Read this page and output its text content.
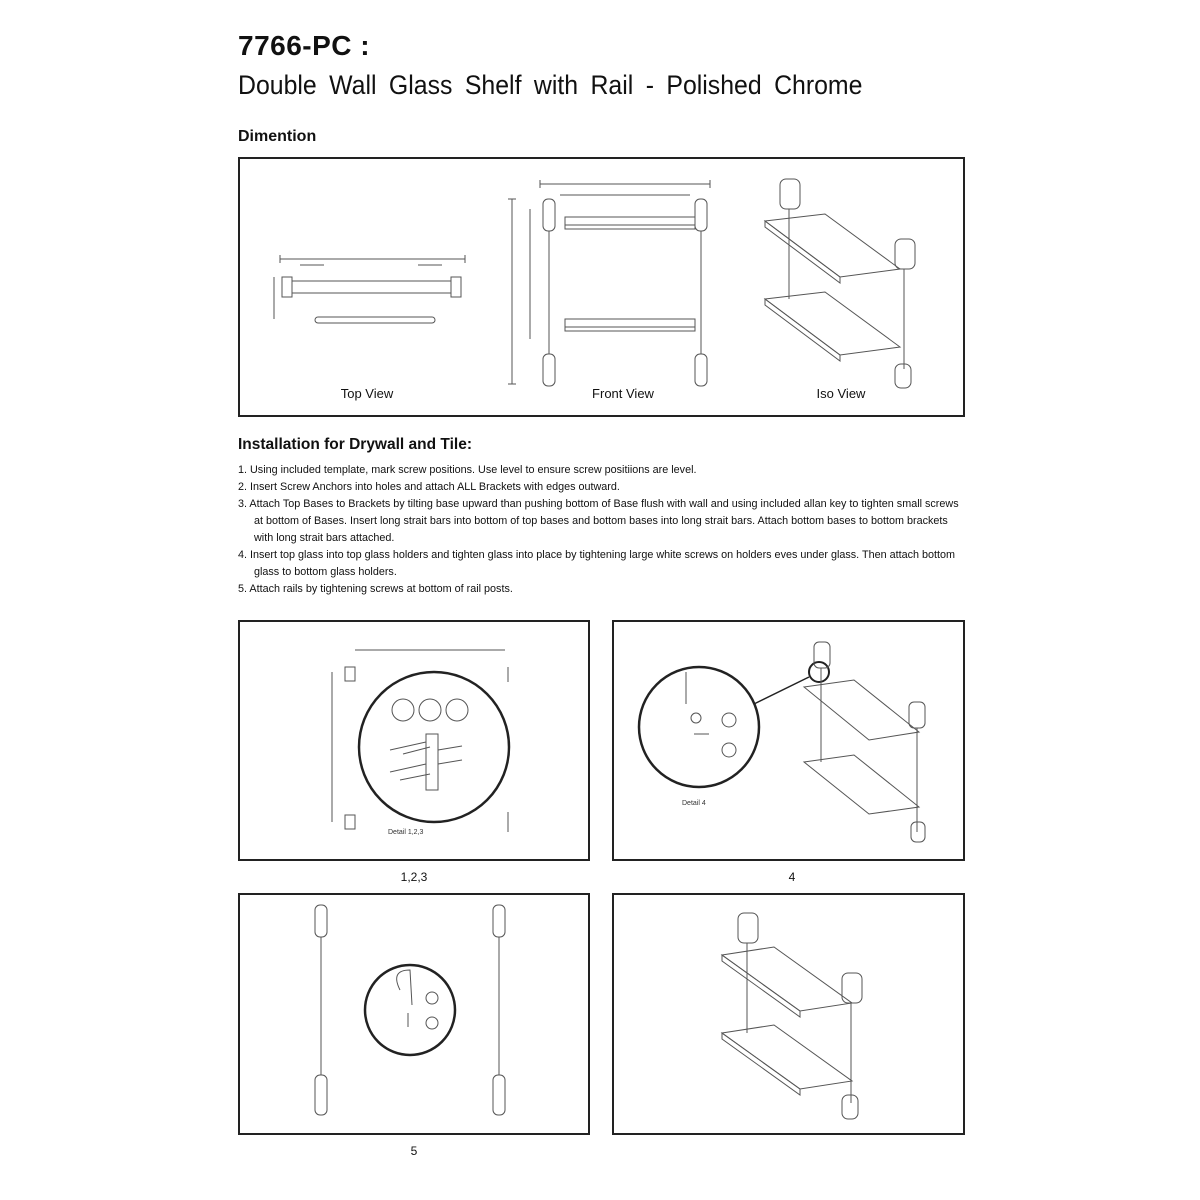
7766-PC :
Double Wall Glass Shelf with Rail - Polished Chrome
Dimention
Top View	Front View	Iso View
Installation for Drywall and Tile:
1. Using included template, mark screw positions. Use level to ensure screw positiions are level.
2. Insert Screw Anchors into holes and attach ALL Brackets with edges outward.
3. Attach Top Bases to Brackets by tilting base upward than pushing bottom of Base flush with wall and using included allan key to tighten small screws at bottom of Bases. Insert long strait bars into bottom of top bases and bottom bases into long strait bars. Attach bottom bases to bottom brackets with long strait bars attached.
4. Insert top glass into top glass holders and tighten glass into place by tightening large white screws on holders eves under glass. Then attach bottom glass to bottom glass holders.
5. Attach rails by tightening screws at bottom of rail posts.
Detail 1,2,3
1,2,3
Detail 4
4
5
